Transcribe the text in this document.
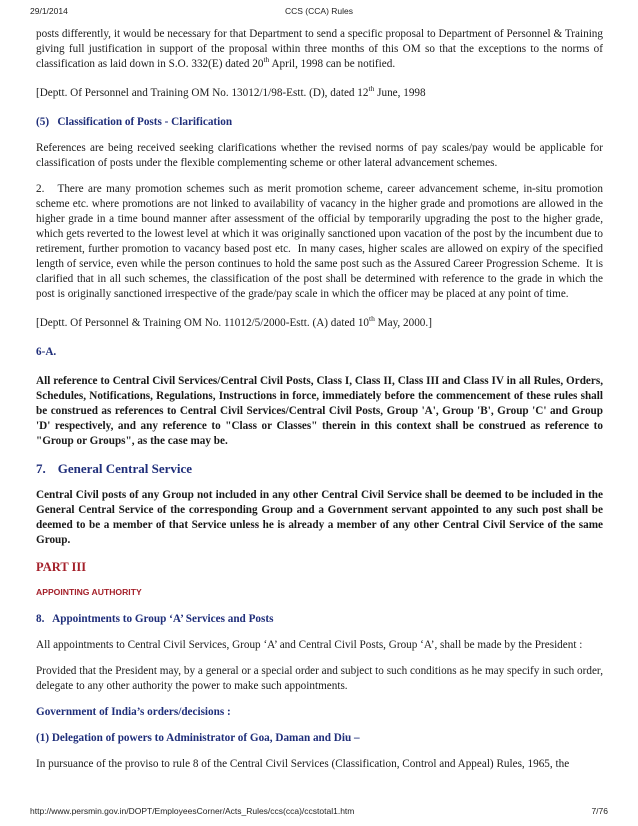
29/1/2014	CCS (CCA) Rules

posts differently, it would be necessary for that Department to send a specific proposal to Department of Personnel & Training giving full justification in support of the proposal within three months of this OM so that the exceptions to the norms of classification as laid down in S.O. 332(E) dated 20th April, 1998 can be notified.

[Deptt. Of Personnel and Training OM No. 13012/1/98-Estt. (D), dated 12th June, 1998
(5)   Classification of Posts - Clarification

References are being received seeking clarifications whether the revised norms of pay scales/pay would be applicable for classification of posts under the flexible complementing scheme or other lateral advancement schemes.

2.   There are many promotion schemes such as merit promotion scheme, career advancement scheme, in-situ promotion scheme etc. where promotions are not linked to availability of vacancy in the higher grade and promotions are allowed in the higher grade in a time bound manner after assessment of the official by temporarily upgrading the post to the higher grade, which gets reverted to the lowest level at which it was originally sanctioned upon vacation of the post by the incumbent due to retirement, further promotion to vacancy based post etc.  In many cases, higher scales are allowed on expiry of the specified length of service, even while the person continues to hold the same post such as the Assured Career Progression Scheme.  It is clarified that in all such schemes, the classification of the post shall be determined with reference to the grade in which the post is originally sanctioned irrespective of the grade/pay scale in which the officer may be placed at any point of time.

[Deptt. Of Personnel & Training OM No. 11012/5/2000-Estt. (A) dated 10th May, 2000.]
6-A.

All reference to Central Civil Services/Central Civil Posts, Class I, Class II, Class III and Class IV in all Rules, Orders, Schedules, Notifications, Regulations, Instructions in force, immediately before the commencement of these rules shall be construed as references to Central Civil Services/Central Civil Posts, Group 'A', Group 'B', Group 'C' and Group 'D' respectively, and any reference to "Class or Classes" therein in this context shall be construed as reference to "Group or Groups", as the case may be.

7. General Central Service

Central Civil posts of any Group not included in any other Central Civil Service shall be deemed to be included in the General Central Service of the corresponding Group and a Government servant appointed to any such post shall be deemed to be a member of that Service unless he is already a member of any other Central Civil Service of the same Group.

PART III
APPOINTING AUTHORITY
8.   Appointments to Group ‘A’ Services and Posts

All appointments to Central Civil Services, Group ‘A’ and Central Civil Posts, Group ‘A’, shall be made by the President :

Provided that the President may, by a general or a special order and subject to such conditions as he may specify in such order, delegate to any other authority the power to make such appointments.

Government of India’s orders/decisions :
(1) Delegation of powers to Administrator of Goa, Daman and Diu –

In pursuance of the proviso to rule 8 of the Central Civil Services (Classification, Control and Appeal) Rules, 1965, the

http://www.persmin.gov.in/DOPT/EmployeesCorner/Acts_Rules/ccs(cca)/ccstotal1.htm	7/76
